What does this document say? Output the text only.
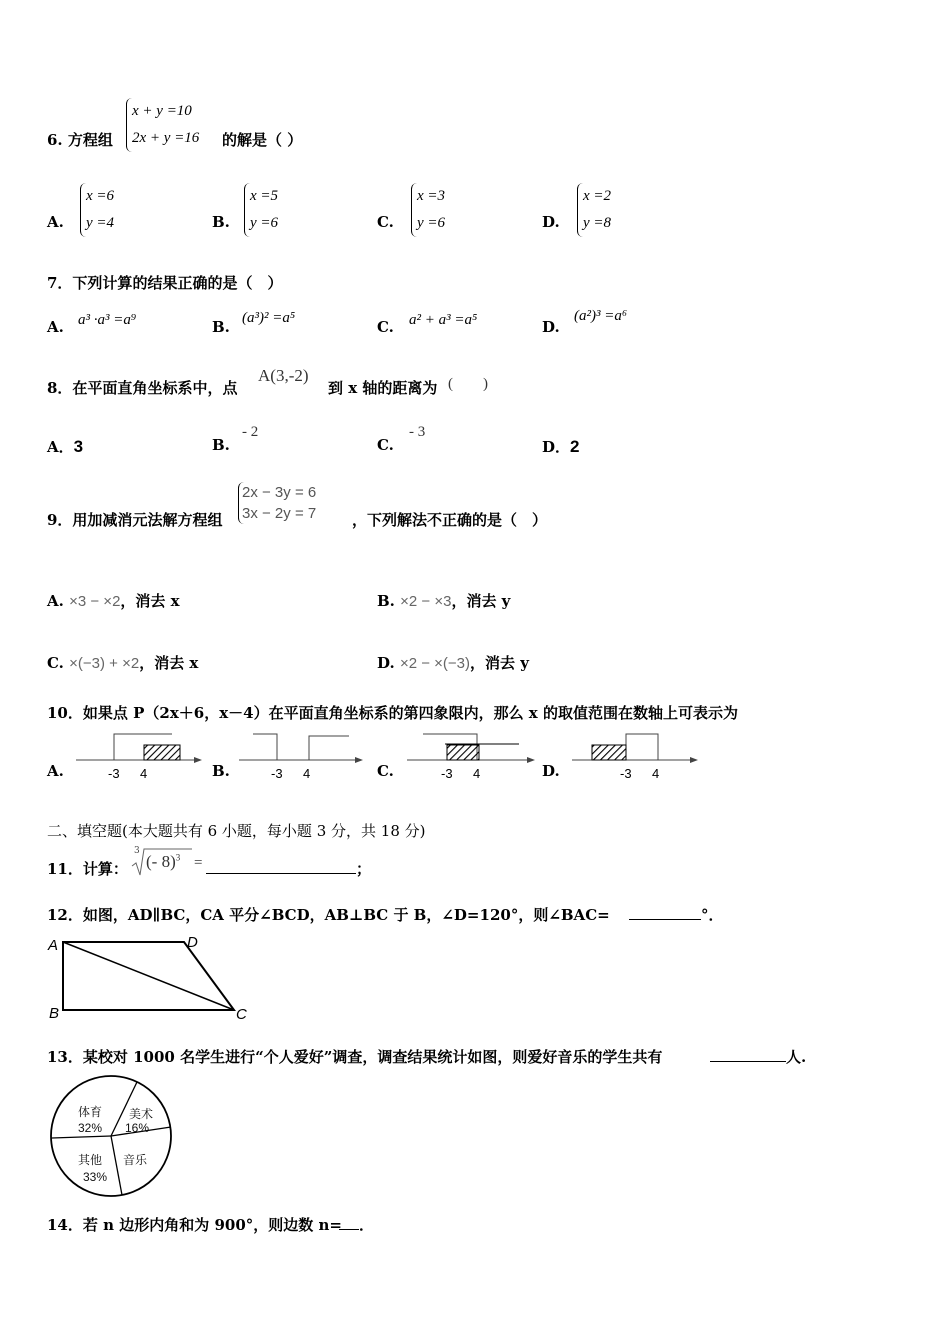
6. 方程组
x + y =10
2x + y =16 的解是（ ）
A.
x =6
y =4	B.
x =5
y =6	C.
x =3
y =6	D.
x =2
y =8
7．下列计算的结果正确的是（　）
A. a³ ·a³ =a⁹	B. (a³)² =a⁵	C. a² + a³ =a⁵	D.
(a²)³ =a⁶
8．在平面直角坐标系中，点
A(3,-2)
到 x 轴的距离为 (　　)
A．3	B.
- 2
C.
- 3
D．2
9．用加减消元法解方程组
2x − 3y = 6
3x − 2y = 7 ，下列解法不正确的是（　）
A. ×3 − ×2，消去 x	B. ×2 − ×3，消去 y
C. ×(−3) + ×2，消去 x	D. ×2 − ×(−3)，消去 y
10．如果点 P（2x＋6，x－4）在平面直角坐标系的第四象限内，那么 x 的取值范围在数轴上可表示为
A.	-3 4	B.	-3 4	C.	-3 4	D.	-3 4
二、填空题(本大题共有 6 小题，每小题 3 分，共 18 分)
11．计算：
3
(- 8)$^3$ =	；
12．如图，AD∥BC，CA 平分∠BCD，AB⊥BC 于 B，∠D=120°，则∠BAC=	°．
A	D
B	C
13．某校对 1000 名学生进行“个人爱好”调查，调查结果统计如图，则爱好音乐的学生共有	人.
体育
32%
美术
16%
音乐
其他
33%
14．若 n 边形内角和为 900°，则边数 n= ．
